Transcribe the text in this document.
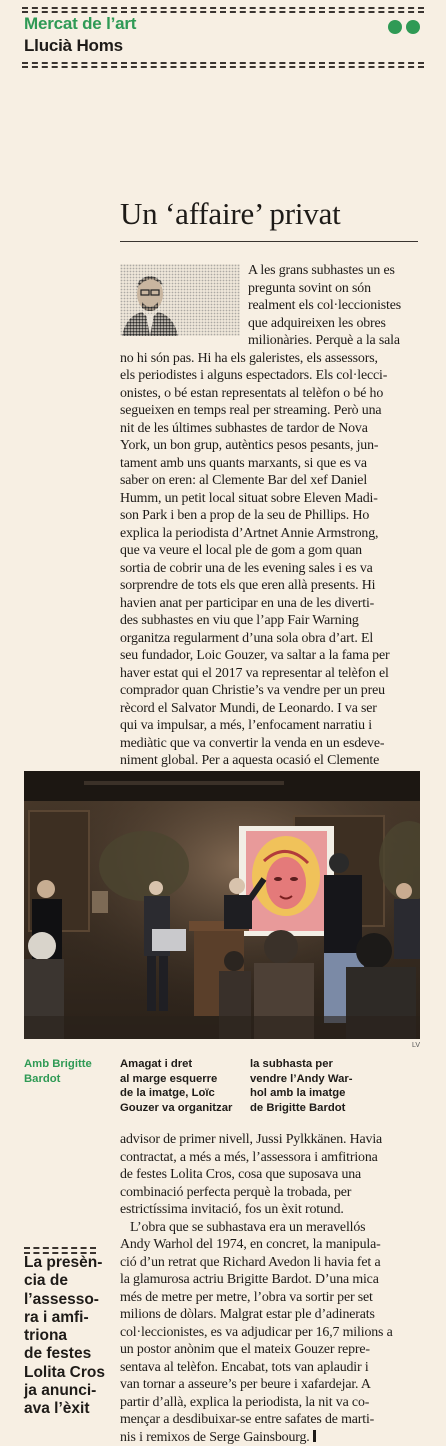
Mercat de l’art
Llucià Homs
Un ‘affaire’ privat
A les grans subhastes un es
pregunta sovint on són
realment els col·leccionistes
que adquireixen les obres
milionàries. Perquè a la sala
no hi són pas. Hi ha els galeristes, els assessors,
els periodistes i alguns espectadors. Els col·lecci-
onistes, o bé estan representats al telèfon o bé ho
segueixen en temps real per streaming. Però una
nit de les últimes subhastes de tardor de Nova
York, un bon grup, autèntics pesos pesants, jun-
tament amb uns quants marxants, si que es va
saber on eren: al Clemente Bar del xef Daniel
Humm, un petit local situat sobre Eleven Madi-
son Park i ben a prop de la seu de Phillips. Ho
explica la periodista d’Artnet Annie Armstrong,
que va veure el local ple de gom a gom quan
sortia de cobrir una de les evening sales i es va
sorprendre de tots els que eren allà presents. Hi
havien anat per participar en una de les diverti-
des subhastes en viu que l’app Fair Warning
organitza regularment d’una sola obra d’art. El
seu fundador, Loic Gouzer, va saltar a la fama per
haver estat qui el 2017 va representar al telèfon el
comprador quan Christie’s va vendre per un preu
rècord el Salvator Mundi, de Leonardo. I va ser
qui va impulsar, a més, l’enfocament narratiu i
mediàtic que va convertir la venda en un esdeve-
niment global. Per a aquesta ocasió el Clemente
LV
Amb Brigitte
Bardot
Amagat i dret
al marge esquerre
de la imatge, Loïc
Gouzer va organitzar
la subhasta per
vendre l’Andy War-
hol amb la imatge
de Brigitte Bardot
advisor de primer nivell, Jussi Pylkkänen. Havia
contractat, a més a més, l’assessora i amfitriona
de festes Lolita Cros, cosa que suposava una
combinació perfecta perquè la trobada, per
estrictíssima invitació, fos un èxit rotund.
L’obra que se subhastava era un meravellós
Andy Warhol del 1974, en concret, la manipula-
ció d’un retrat que Richard Avedon li havia fet a
la glamurosa actriu Brigitte Bardot. D’una mica
més de metre per metre, l’obra va sortir per set
milions de dòlars. Malgrat estar ple d’adinerats
col·leccionistes, es va adjudicar per 16,7 milions a
un postor anònim que el mateix Gouzer repre-
sentava al telèfon. Encabat, tots van aplaudir i
van tornar a asseure’s per beure i xafardejar. A
partir d’allà, explica la periodista, la nit va co-
mençar a desdibuixar-se entre safates de marti-
nis i remixos de Serge Gainsbourg.
La presèn-
cia de
l’assesso-
ra i amfi-
triona
de festes
Lolita Cros
ja anunci-
ava l’èxit
